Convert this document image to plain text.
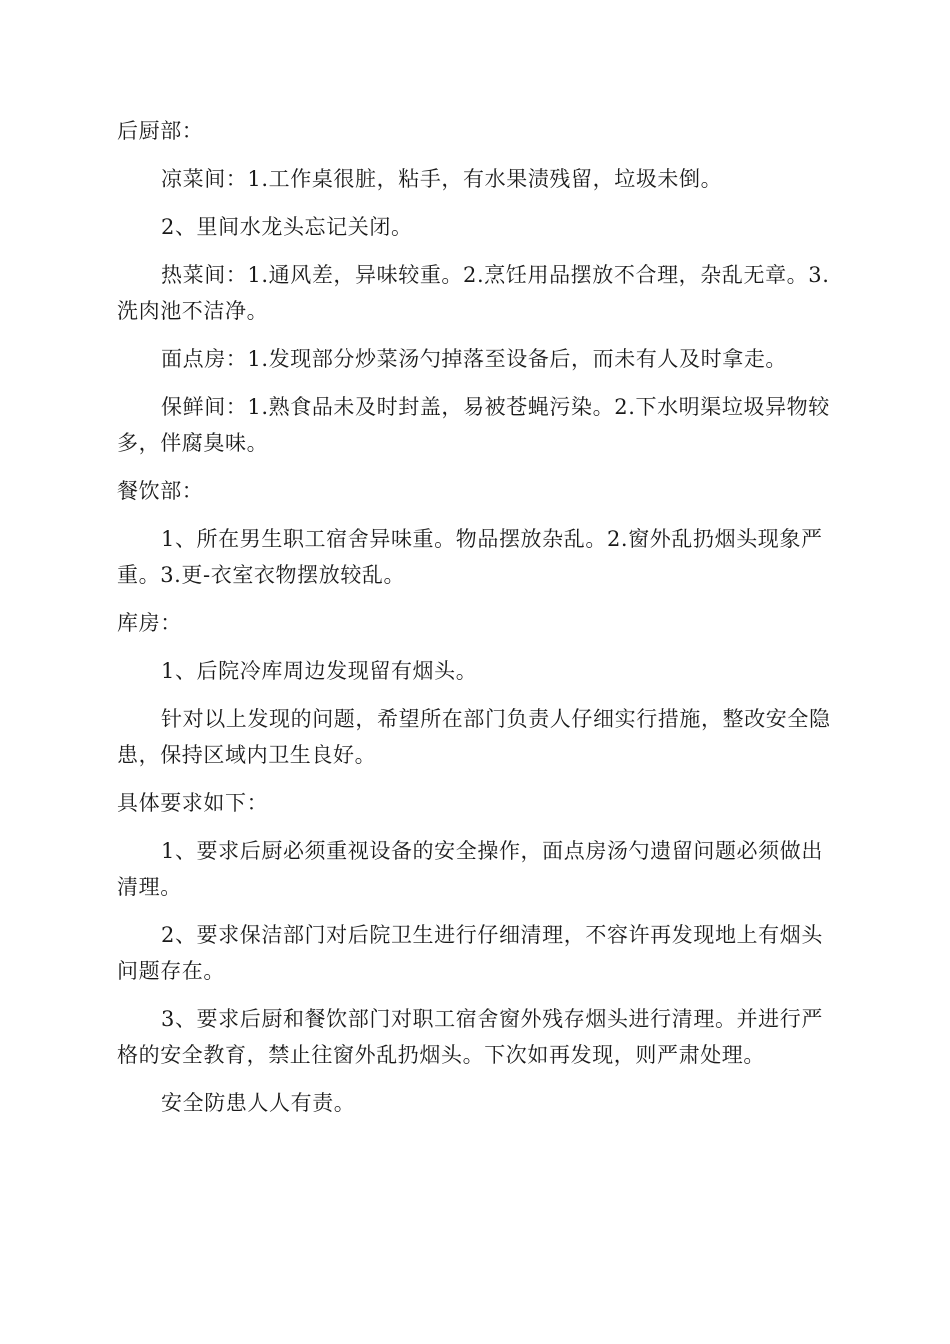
后厨部：

凉菜间：1.工作桌很脏，粘手，有水果渍残留，垃圾未倒。

2、里间水龙头忘记关闭。

热菜间：1.通风差，异味较重。2.烹饪用品摆放不合理，杂乱无章。3.洗肉池不洁净。

面点房：1.发现部分炒菜汤勺掉落至设备后，而未有人及时拿走。

保鲜间：1.熟食品未及时封盖，易被苍蝇污染。2.下水明渠垃圾异物较多，伴腐臭味。

餐饮部：

1、所在男生职工宿舍异味重。物品摆放杂乱。2.窗外乱扔烟头现象严重。3.更-衣室衣物摆放较乱。

库房：

1、后院冷库周边发现留有烟头。

针对以上发现的问题，希望所在部门负责人仔细实行措施，整改安全隐患，保持区域内卫生良好。

具体要求如下：

1、要求后厨必须重视设备的安全操作，面点房汤勺遗留问题必须做出清理。

2、要求保洁部门对后院卫生进行仔细清理，不容许再发现地上有烟头问题存在。

3、要求后厨和餐饮部门对职工宿舍窗外残存烟头进行清理。并进行严格的安全教育，禁止往窗外乱扔烟头。下次如再发现，则严肃处理。

安全防患人人有责。
